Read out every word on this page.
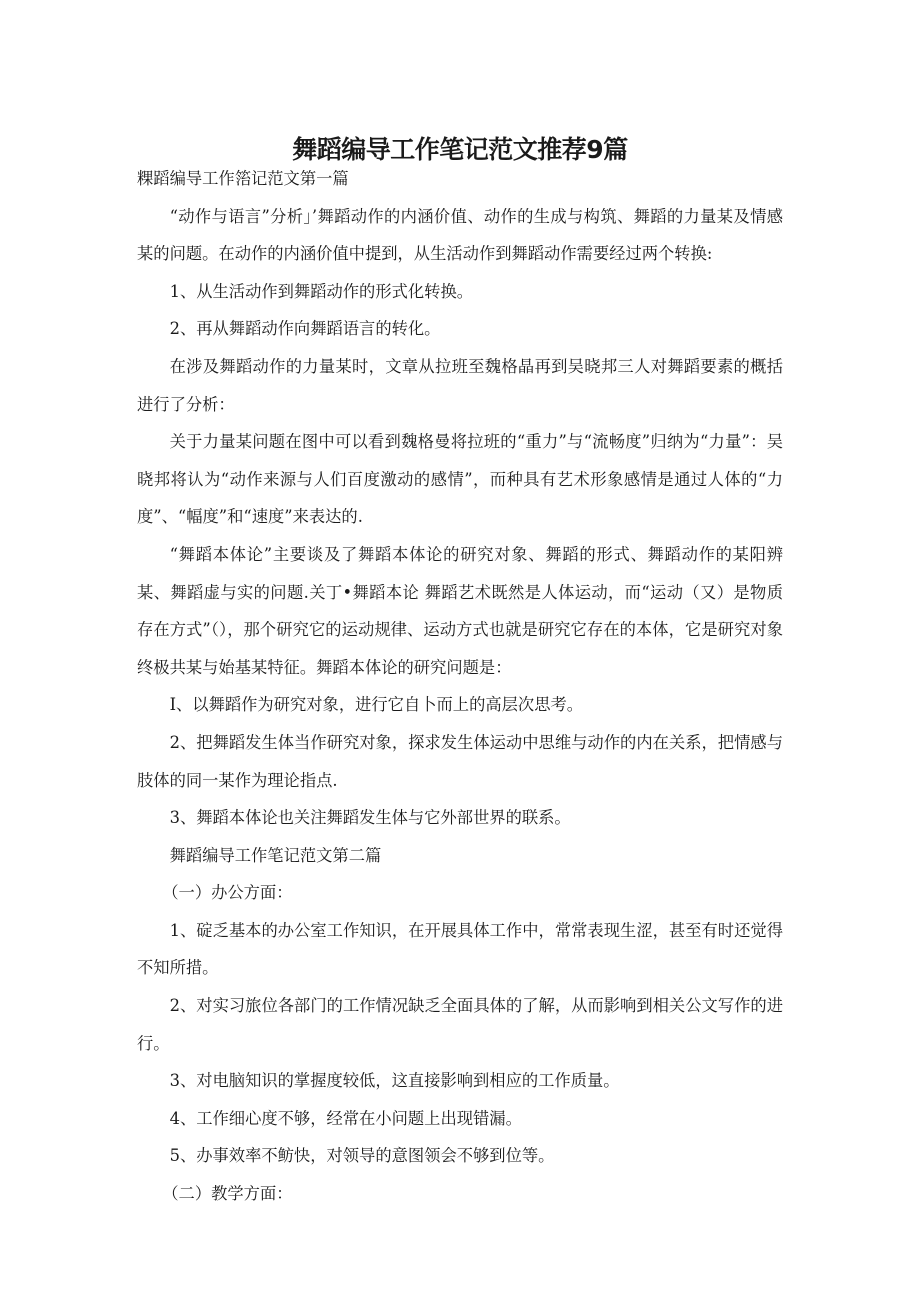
舞蹈编导工作笔记范文推荐9篇

粿蹈编导工作箈记范文第一篇

“动作与语言”分析」’舞蹈动作的内涵价值、动作的生成与构筑、舞蹈的力量某及情感某的问题。在动作的内涵价值中提到，从生活动作到舞蹈动作需要经过两个转换:

1、从生活动作到舞蹈动作的形式化转换。

2、再从舞蹈动作向舞蹈语言的转化。

在涉及舞蹈动作的力量某时，文章从拉班至魏格晶再到吴晓邦三人对舞蹈要素的概括进行了分析：

关于力量某问题在图中可以看到魏格曼将拉班的“重力”与“流畅度”归纳为“力量”：吴晓邦将认为“动作来源与人们百度激动的感情”，而种具有艺术形象感情是通过人体的“力度”、“幅度”和“速度”来表达的.

“舞蹈本体论”主要谈及了舞蹈本体论的研究对象、舞蹈的形式、舞蹈动作的某阳辨某、舞蹈虚与实的问题.关丁•舞蹈本论 舞蹈艺术既然是人体运动，而“运动（又）是物质存在方式”（），那个研究它的运动规律、运动方式也就是研究它存在的本体，它是研究对象终极共某与始基某特征。舞蹈本体论的研究问题是：

I、以舞蹈作为研究对象，进行它自卜而上的高层次思考。

2、把舞蹈发生体当作研究对象，探求发生体运动中思维与动作的内在关系，把情感与肢体的同一某作为理论指点.

3、舞蹈本体论也关注舞蹈发生体与它外部世界的联系。

舞蹈编导工作笔记范文第二篇

（一）办公方面：

1、碇乏基本的办公室工作知识，在开展具体工作中，常常表现生涩，甚至有时还觉得不知所措。

2、对实习旅位各部门的工作情况缺乏全面具体的了解，从而影响到相关公文写作的进行。

3、对电脑知识的掌握度较低，这直接影响到相应的工作质量。

4、工作细心度不够，经常在小问题上出现错漏。

5、办事效率不鲂快，对领导的意图领会不够到位等。

（二）教学方面：
